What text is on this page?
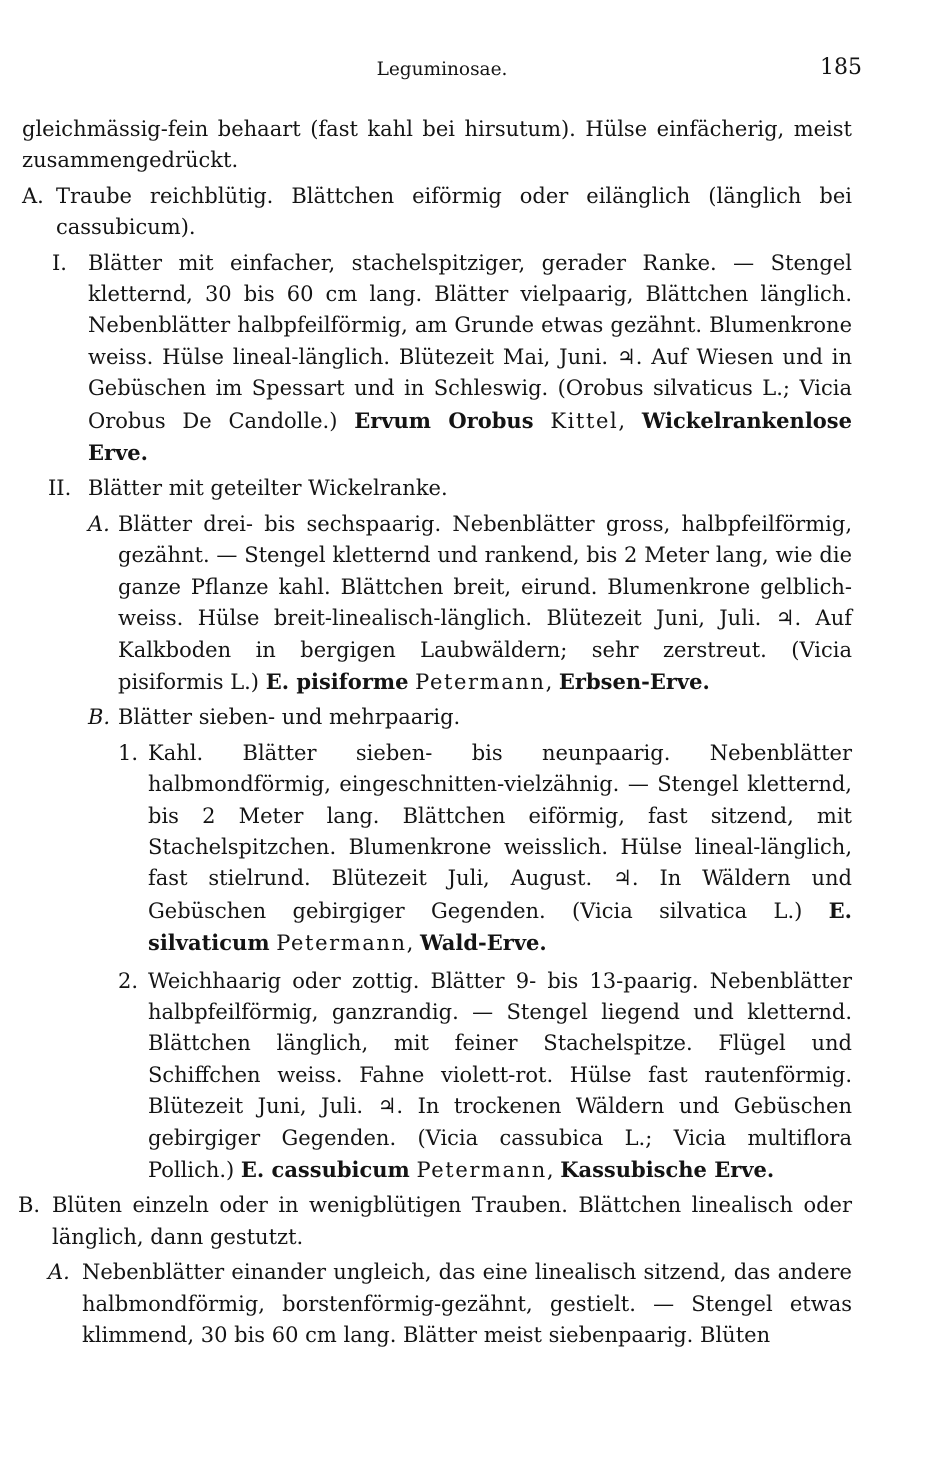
Leguminosae.	185

gleichmässig-fein behaart (fast kahl bei hirsutum). Hülse einfächerig, meist zusammengedrückt.

A. Traube reichblütig. Blättchen eiförmig oder eilänglich (länglich bei cassubicum).

I. Blätter mit einfacher, stachelspitziger, gerader Ranke. — Stengel kletternd, 30 bis 60 cm lang. Blätter vielpaarig, Blättchen länglich. Nebenblätter halbpfeilförmig, am Grunde etwas gezähnt. Blumenkrone weiss. Hülse lineal-länglich. Blütezeit Mai, Juni. ♃. Auf Wiesen und in Gebüschen im Spessart und in Schleswig. (Orobus silvaticus L.; Vicia Orobus De Candolle.) Ervum Orobus Kittel, Wickelrankenlose Erve.

II. Blätter mit geteilter Wickelranke.

A. Blätter drei- bis sechspaarig. Nebenblätter gross, halbpfeilförmig, gezähnt. — Stengel kletternd und rankend, bis 2 Meter lang, wie die ganze Pflanze kahl. Blättchen breit, eirund. Blumenkrone gelblich-weiss. Hülse breit-linealisch-länglich. Blütezeit Juni, Juli. ♃. Auf Kalkboden in bergigen Laubwäldern; sehr zerstreut. (Vicia pisiformis L.) E. pisiforme Petermann, Erbsen-Erve.

B. Blätter sieben- und mehrpaarig.

1. Kahl. Blätter sieben- bis neunpaarig. Nebenblätter halbmondförmig, eingeschnitten-vielzähnig. — Stengel kletternd, bis 2 Meter lang. Blättchen eiförmig, fast sitzend, mit Stachelspitzchen. Blumenkrone weisslich. Hülse lineal-länglich, fast stielrund. Blütezeit Juli, August. ♃. In Wäldern und Gebüschen gebirgiger Gegenden. (Vicia silvatica L.) E. silvaticum Petermann, Wald-Erve.

2. Weichhaarig oder zottig. Blätter 9- bis 13-paarig. Nebenblätter halbpfeilförmig, ganzrandig. — Stengel liegend und kletternd. Blättchen länglich, mit feiner Stachelspitze. Flügel und Schiffchen weiss. Fahne violett-rot. Hülse fast rautenförmig. Blütezeit Juni, Juli. ♃. In trockenen Wäldern und Gebüschen gebirgiger Gegenden. (Vicia cassubica L.; Vicia multiflora Pollich.) E. cassubicum Petermann, Kassubische Erve.

B. Blüten einzeln oder in wenigblütigen Trauben. Blättchen linealisch oder länglich, dann gestutzt.

A. Nebenblätter einander ungleich, das eine linealisch sitzend, das andere halbmondförmig, borstenförmig-gezähnt, gestielt. — Stengel etwas klimmend, 30 bis 60 cm lang. Blätter meist siebenpaarig. Blüten
